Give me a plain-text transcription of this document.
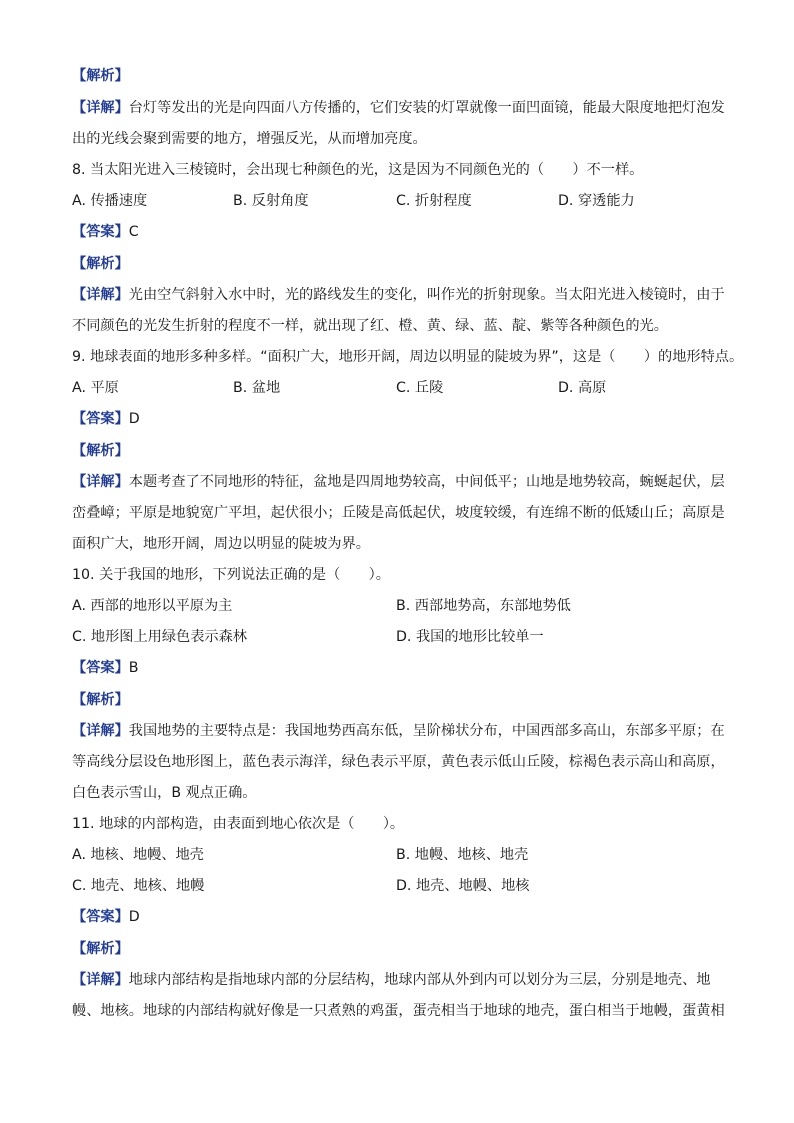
【解析】
【详解】台灯等发出的光是向四面八方传播的，它们安装的灯罩就像一面凹面镜，能最大限度地把灯泡发
出的光线会聚到需要的地方，增强反光，从而增加亮度。
8. 当太阳光进入三棱镜时，会出现七种颜色的光，这是因为不同颜色光的（　　）不一样。
A. 传播速度	B. 反射角度	C. 折射程度	D. 穿透能力
【答案】C
【解析】
【详解】光由空气斜射入水中时，光的路线发生的变化，叫作光的折射现象。当太阳光进入棱镜时，由于
不同颜色的光发生折射的程度不一样，就出现了红、橙、黄、绿、蓝、靛、紫等各种颜色的光。
9. 地球表面的地形多种多样。“面积广大，地形开阔，周边以明显的陡坡为界”，这是（　　）的地形特点。
A. 平原	B. 盆地	C. 丘陵	D. 高原
【答案】D
【解析】
【详解】本题考查了不同地形的特征，盆地是四周地势较高，中间低平；山地是地势较高，蜿蜒起伏，层
峦叠嶂；平原是地貌宽广平坦，起伏很小；丘陵是高低起伏，坡度较缓，有连绵不断的低矮山丘；高原是
面积广大，地形开阔，周边以明显的陡坡为界。
10. 关于我国的地形，下列说法正确的是（　　）。
A. 西部的地形以平原为主	B. 西部地势高，东部地势低
C. 地形图上用绿色表示森林	D. 我国的地形比较单一
【答案】B
【解析】
【详解】我国地势的主要特点是：我国地势西高东低，呈阶梯状分布，中国西部多高山，东部多平原；在
等高线分层设色地形图上，蓝色表示海洋，绿色表示平原，黄色表示低山丘陵，棕褐色表示高山和高原，
白色表示雪山，B 观点正确。
11. 地球的内部构造，由表面到地心依次是（　　）。
A. 地核、地幔、地壳	B. 地幔、地核、地壳
C. 地壳、地核、地幔	D. 地壳、地幔、地核
【答案】D
【解析】
【详解】地球内部结构是指地球内部的分层结构，地球内部从外到内可以划分为三层，分别是地壳、地
幔、地核。地球的内部结构就好像是一只煮熟的鸡蛋，蛋壳相当于地球的地壳，蛋白相当于地幔，蛋黄相
